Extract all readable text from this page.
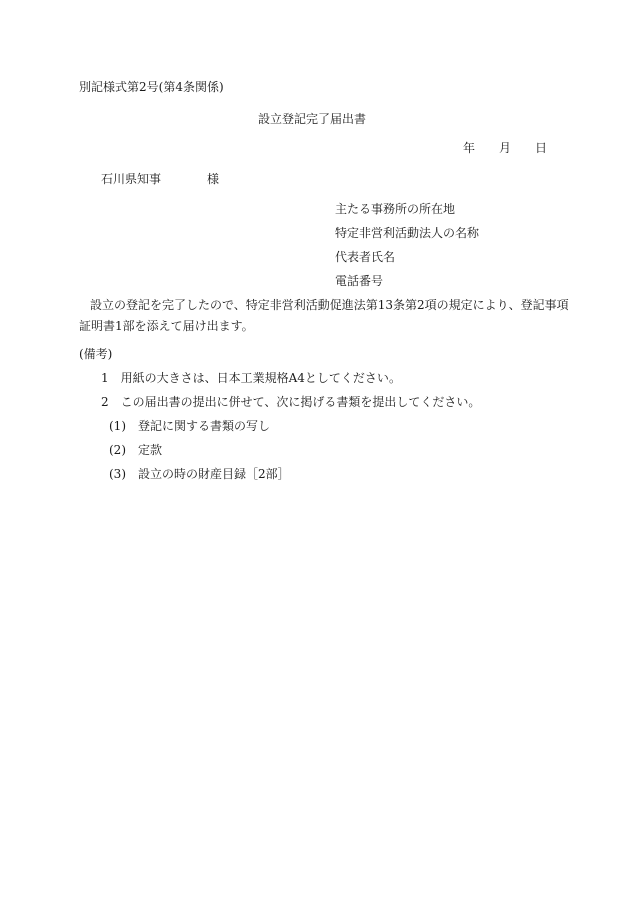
別記様式第2号(第4条関係)
設立登記完了届出書
年 月 日
石川県知事	様
主たる事務所の所在地
特定非営利活動法人の名称
代表者氏名
電話番号
設立の登記を完了したので、特定非営利活動促進法第13条第2項の規定により、登記事項
証明書1部を添えて届け出ます。
(備考)
1　用紙の大きさは、日本工業規格A4としてください。
2　この届出書の提出に併せて、次に掲げる書類を提出してください。
(1)　登記に関する書類の写し
(2)　定款
(3)　設立の時の財産目録［2部］
